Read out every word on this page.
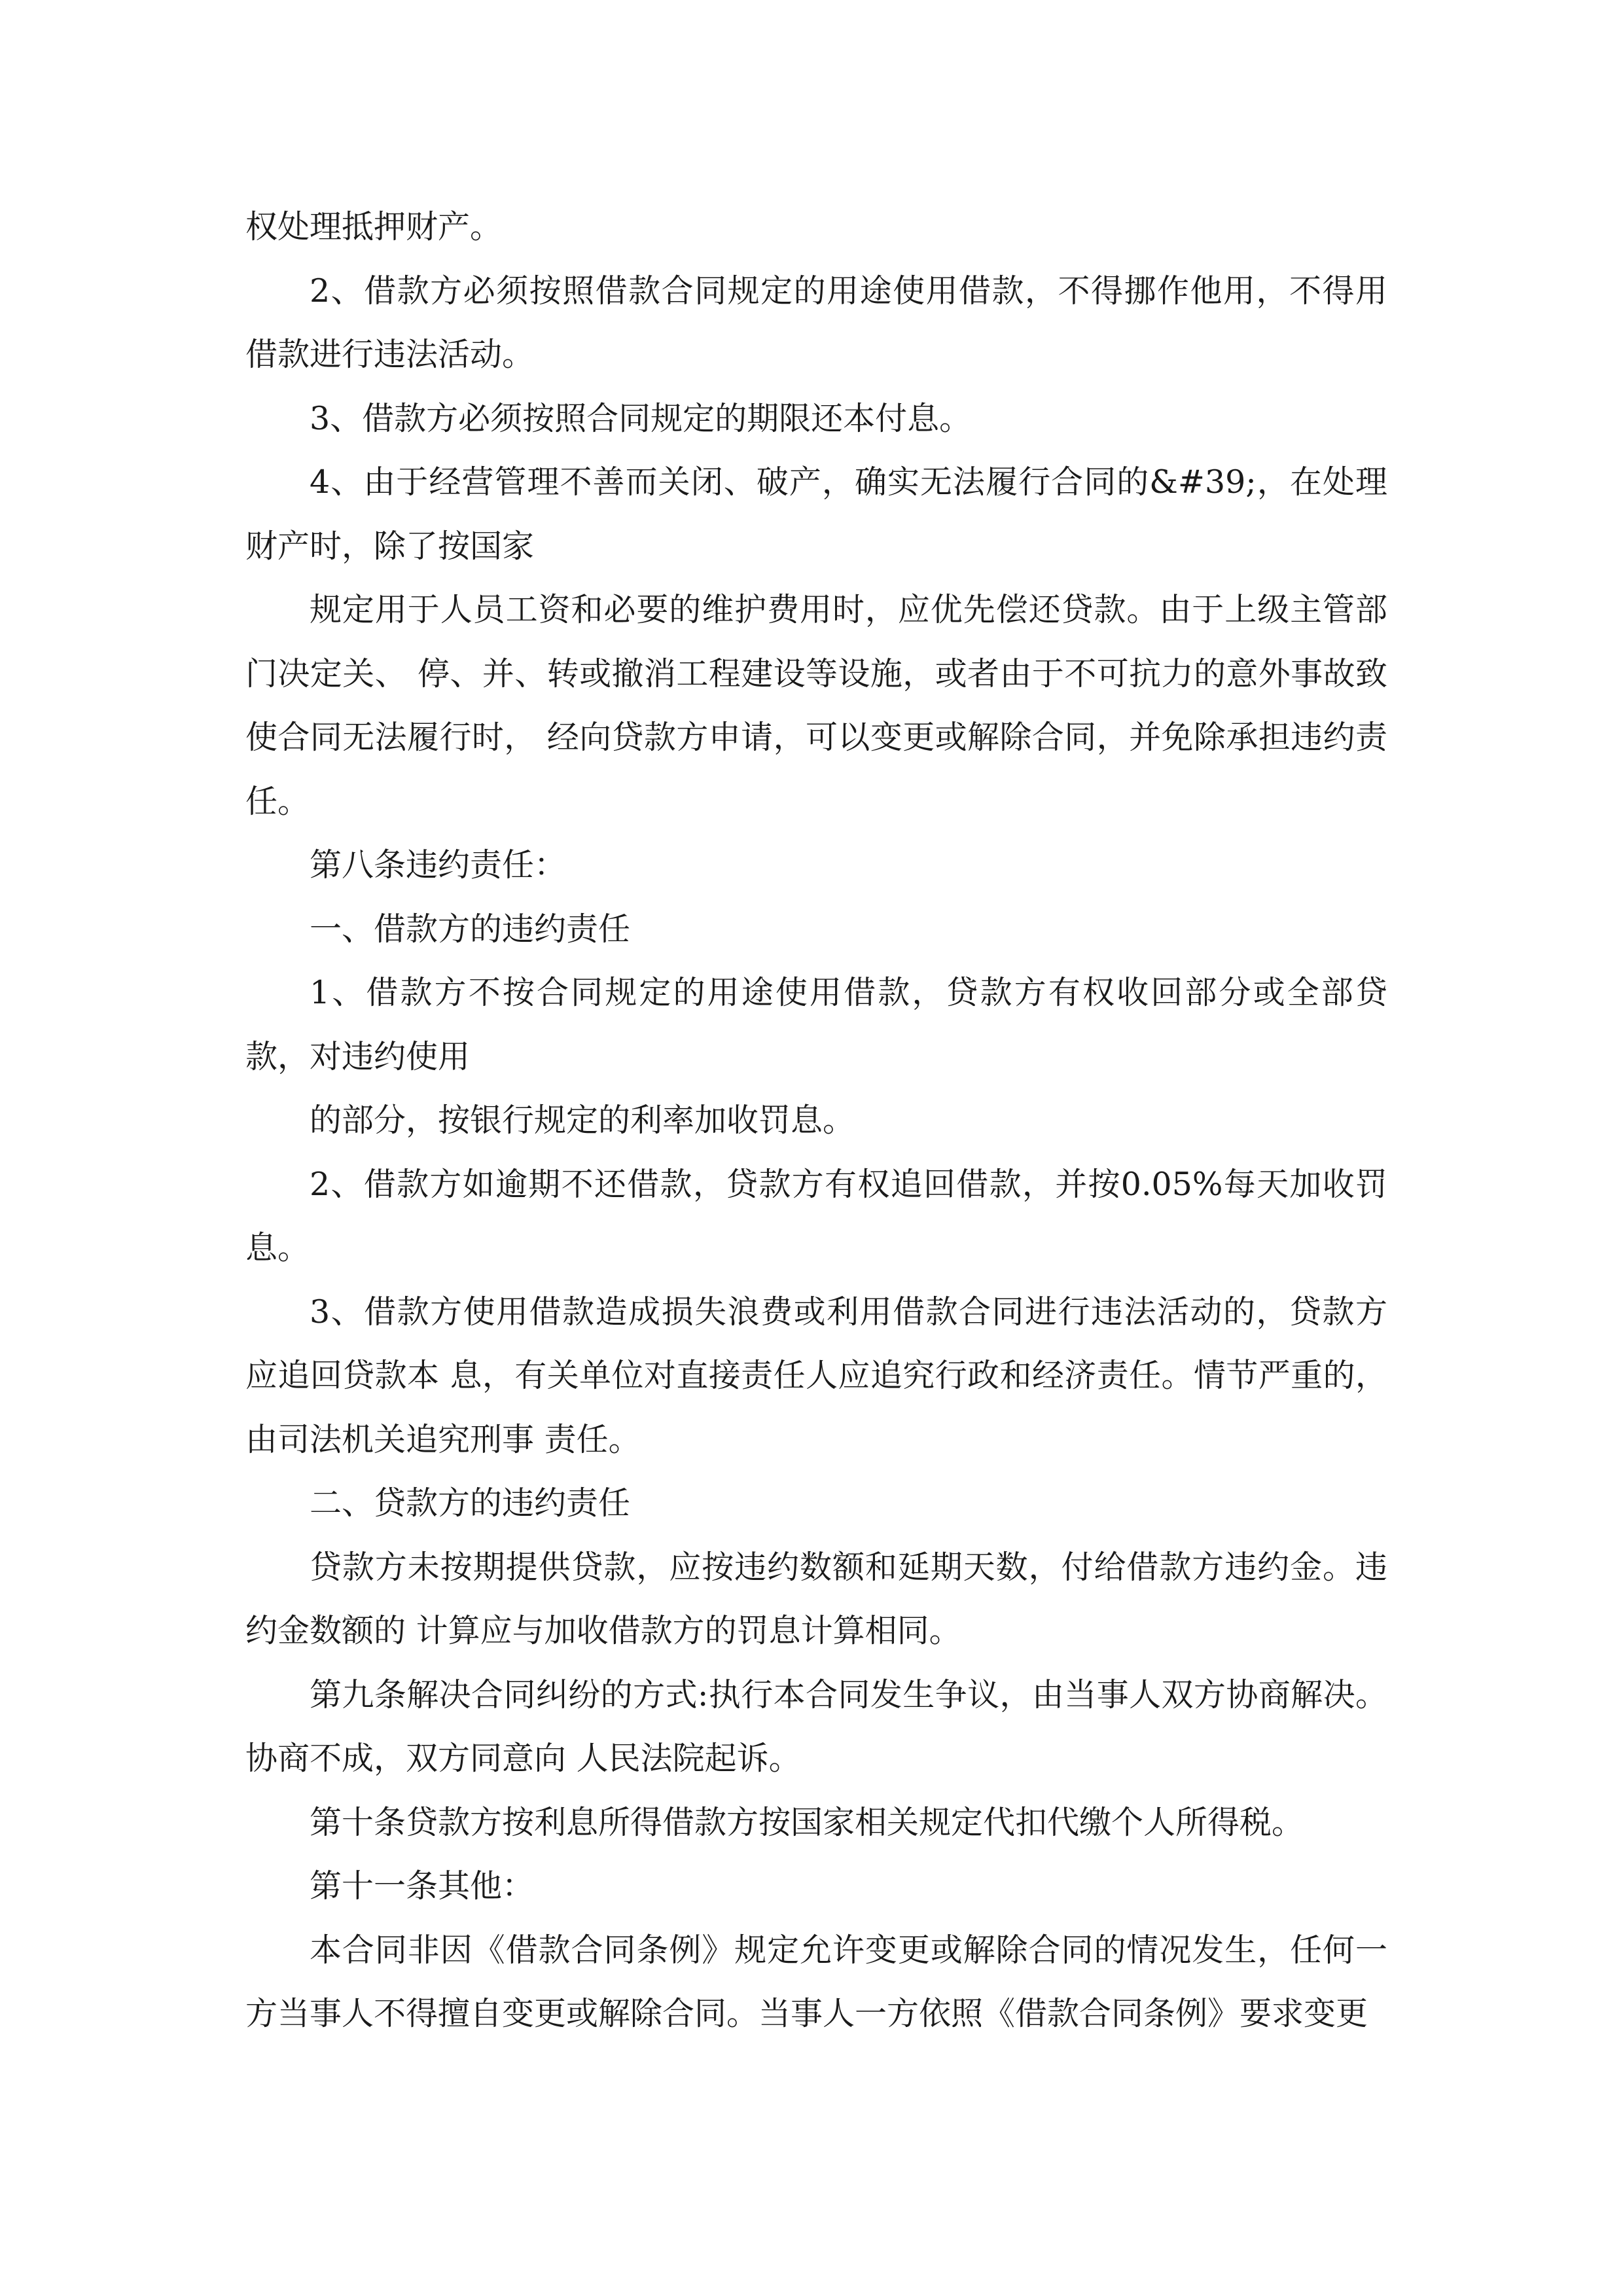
权处理抵押财产。

2、借款方必须按照借款合同规定的用途使用借款，不得挪作他用，不得用借款进行违法活动。

3、借款方必须按照合同规定的期限还本付息。

4、由于经营管理不善而关闭、破产，确实无法履行合同的&#39;，在处理财产时，除了按国家

规定用于人员工资和必要的维护费用时，应优先偿还贷款。由于上级主管部门决定关、 停、并、转或撤消工程建设等设施，或者由于不可抗力的意外事故致使合同无法履行时， 经向贷款方申请，可以变更或解除合同，并免除承担违约责任。

第八条违约责任：

一、借款方的违约责任

1、借款方不按合同规定的用途使用借款，贷款方有权收回部分或全部贷款，对违约使用

的部分，按银行规定的利率加收罚息。

2、借款方如逾期不还借款，贷款方有权追回借款，并按0.05%每天加收罚息。

3、借款方使用借款造成损失浪费或利用借款合同进行违法活动的，贷款方应追回贷款本 息，有关单位对直接责任人应追究行政和经济责任。情节严重的，由司法机关追究刑事 责任。

二、贷款方的违约责任

贷款方未按期提供贷款，应按违约数额和延期天数，付给借款方违约金。违约金数额的 计算应与加收借款方的罚息计算相同。

第九条解决合同纠纷的方式:执行本合同发生争议，由当事人双方协商解决。协商不成，双方同意向 人民法院起诉。

第十条贷款方按利息所得借款方按国家相关规定代扣代缴个人所得税。

第十一条其他：

本合同非因《借款合同条例》规定允许变更或解除合同的情况发生，任何一方当事人不得擅自变更或解除合同。当事人一方依照《借款合同条例》要求变更
